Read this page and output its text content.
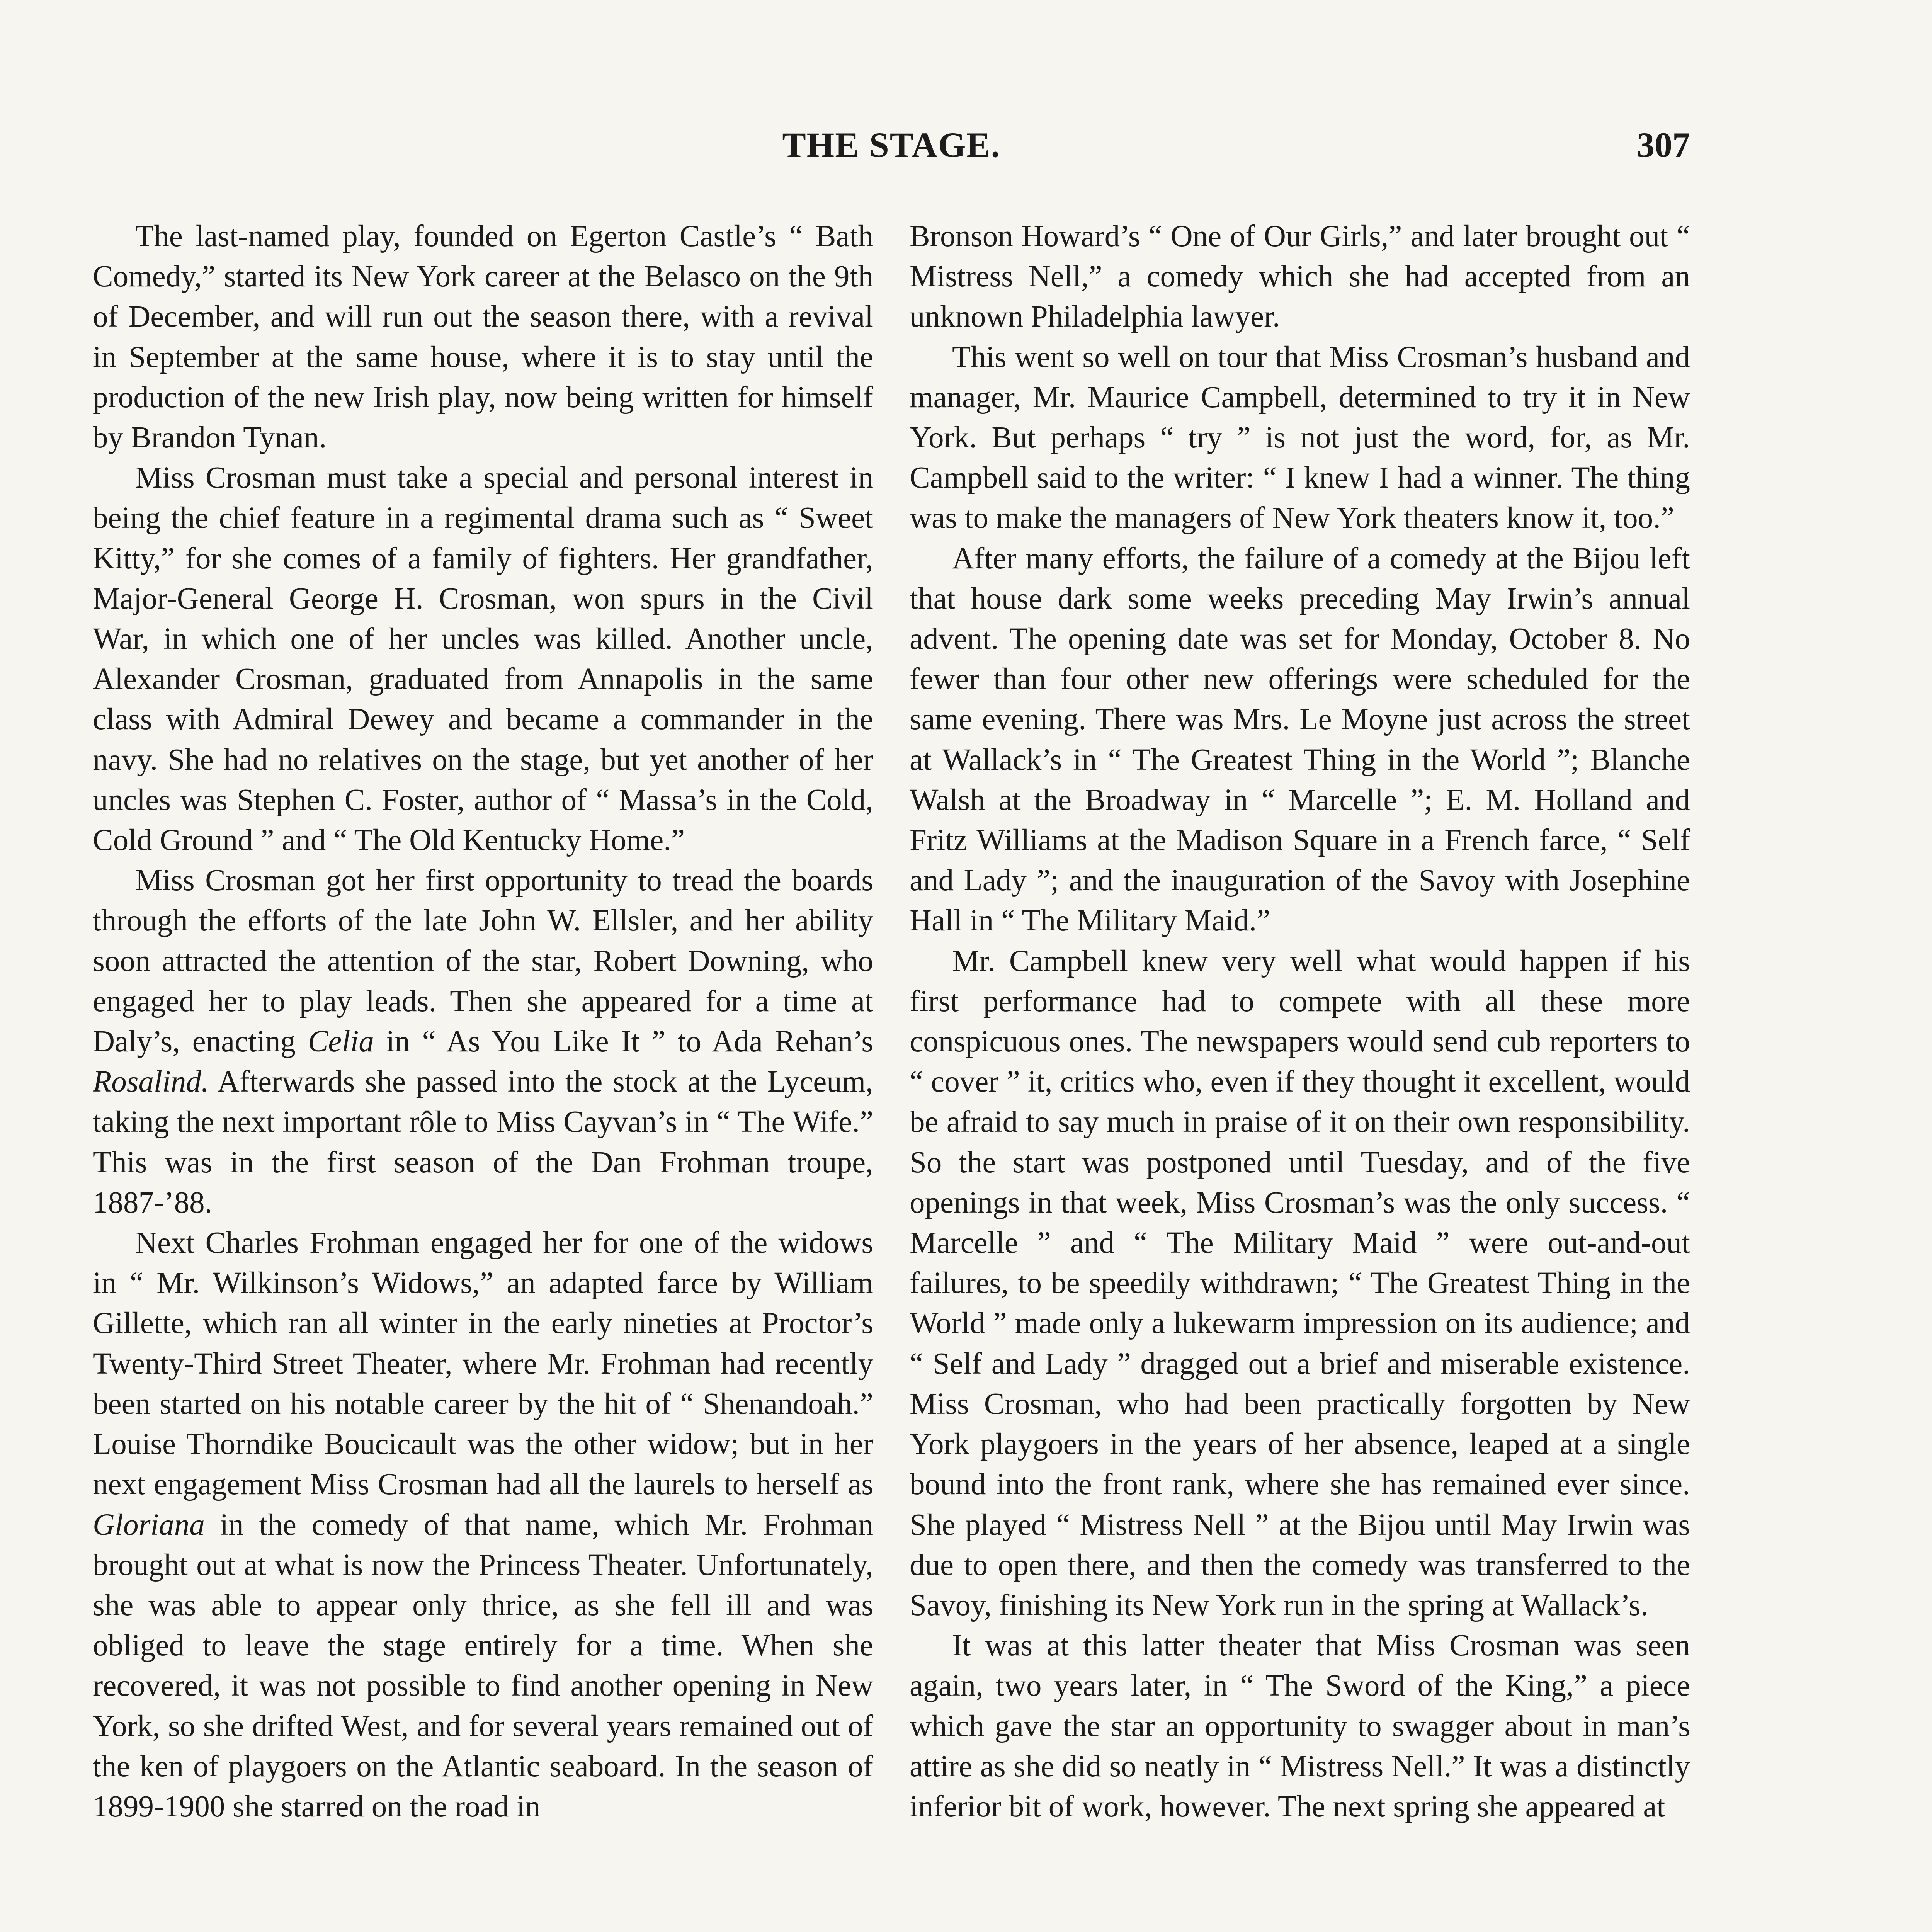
THE STAGE.	307

The last-named play, founded on Egerton Castle’s “ Bath Comedy,” started its New York career at the Belasco on the 9th of December, and will run out the season there, with a revival in September at the same house, where it is to stay until the production of the new Irish play, now being written for himself by Brandon Tynan.

Miss Crosman must take a special and personal interest in being the chief feature in a regimental drama such as “ Sweet Kitty,” for she comes of a family of fighters. Her grandfather, Major-General George H. Crosman, won spurs in the Civil War, in which one of her uncles was killed. Another uncle, Alexander Crosman, graduated from Annapolis in the same class with Admiral Dewey and became a commander in the navy. She had no relatives on the stage, but yet another of her uncles was Stephen C. Foster, author of “ Massa’s in the Cold, Cold Ground ” and “ The Old Kentucky Home.”

Miss Crosman got her first opportunity to tread the boards through the efforts of the late John W. Ellsler, and her ability soon attracted the attention of the star, Robert Downing, who engaged her to play leads. Then she appeared for a time at Daly’s, enacting Celia in “ As You Like It ” to Ada Rehan’s Rosalind. Afterwards she passed into the stock at the Lyceum, taking the next important rôle to Miss Cayvan’s in “ The Wife.” This was in the first season of the Dan Frohman troupe, 1887-’88.

Next Charles Frohman engaged her for one of the widows in “ Mr. Wilkinson’s Widows,” an adapted farce by William Gillette, which ran all winter in the early nineties at Proctor’s Twenty-Third Street Theater, where Mr. Frohman had recently been started on his notable career by the hit of “ Shenandoah.” Louise Thorndike Boucicault was the other widow; but in her next engagement Miss Crosman had all the laurels to herself as Gloriana in the comedy of that name, which Mr. Frohman brought out at what is now the Princess Theater. Unfortunately, she was able to appear only thrice, as she fell ill and was obliged to leave the stage entirely for a time. When she recovered, it was not possible to find another opening in New York, so she drifted West, and for several years remained out of the ken of playgoers on the Atlantic seaboard. In the season of 1899-1900 she starred on the road in

Bronson Howard’s “ One of Our Girls,” and later brought out “ Mistress Nell,” a comedy which she had accepted from an unknown Philadelphia lawyer.

This went so well on tour that Miss Crosman’s husband and manager, Mr. Maurice Campbell, determined to try it in New York. But perhaps “ try ” is not just the word, for, as Mr. Campbell said to the writer: “ I knew I had a winner. The thing was to make the managers of New York theaters know it, too.”

After many efforts, the failure of a comedy at the Bijou left that house dark some weeks preceding May Irwin’s annual advent. The opening date was set for Monday, October 8. No fewer than four other new offerings were scheduled for the same evening. There was Mrs. Le Moyne just across the street at Wallack’s in “ The Greatest Thing in the World ”; Blanche Walsh at the Broadway in “ Marcelle ”; E. M. Holland and Fritz Williams at the Madison Square in a French farce, “ Self and Lady ”; and the inauguration of the Savoy with Josephine Hall in “ The Military Maid.”

Mr. Campbell knew very well what would happen if his first performance had to compete with all these more conspicuous ones. The newspapers would send cub reporters to “ cover ” it, critics who, even if they thought it excellent, would be afraid to say much in praise of it on their own responsibility. So the start was postponed until Tuesday, and of the five openings in that week, Miss Crosman’s was the only success. “ Marcelle ” and “ The Military Maid ” were out-and-out failures, to be speedily withdrawn; “ The Greatest Thing in the World ” made only a lukewarm impression on its audience; and “ Self and Lady ” dragged out a brief and miserable existence. Miss Crosman, who had been practically forgotten by New York playgoers in the years of her absence, leaped at a single bound into the front rank, where she has remained ever since. She played “ Mistress Nell ” at the Bijou until May Irwin was due to open there, and then the comedy was transferred to the Savoy, finishing its New York run in the spring at Wallack’s.

It was at this latter theater that Miss Crosman was seen again, two years later, in “ The Sword of the King,” a piece which gave the star an opportunity to swagger about in man’s attire as she did so neatly in “ Mistress Nell.” It was a distinctly inferior bit of work, however. The next spring she appeared at
